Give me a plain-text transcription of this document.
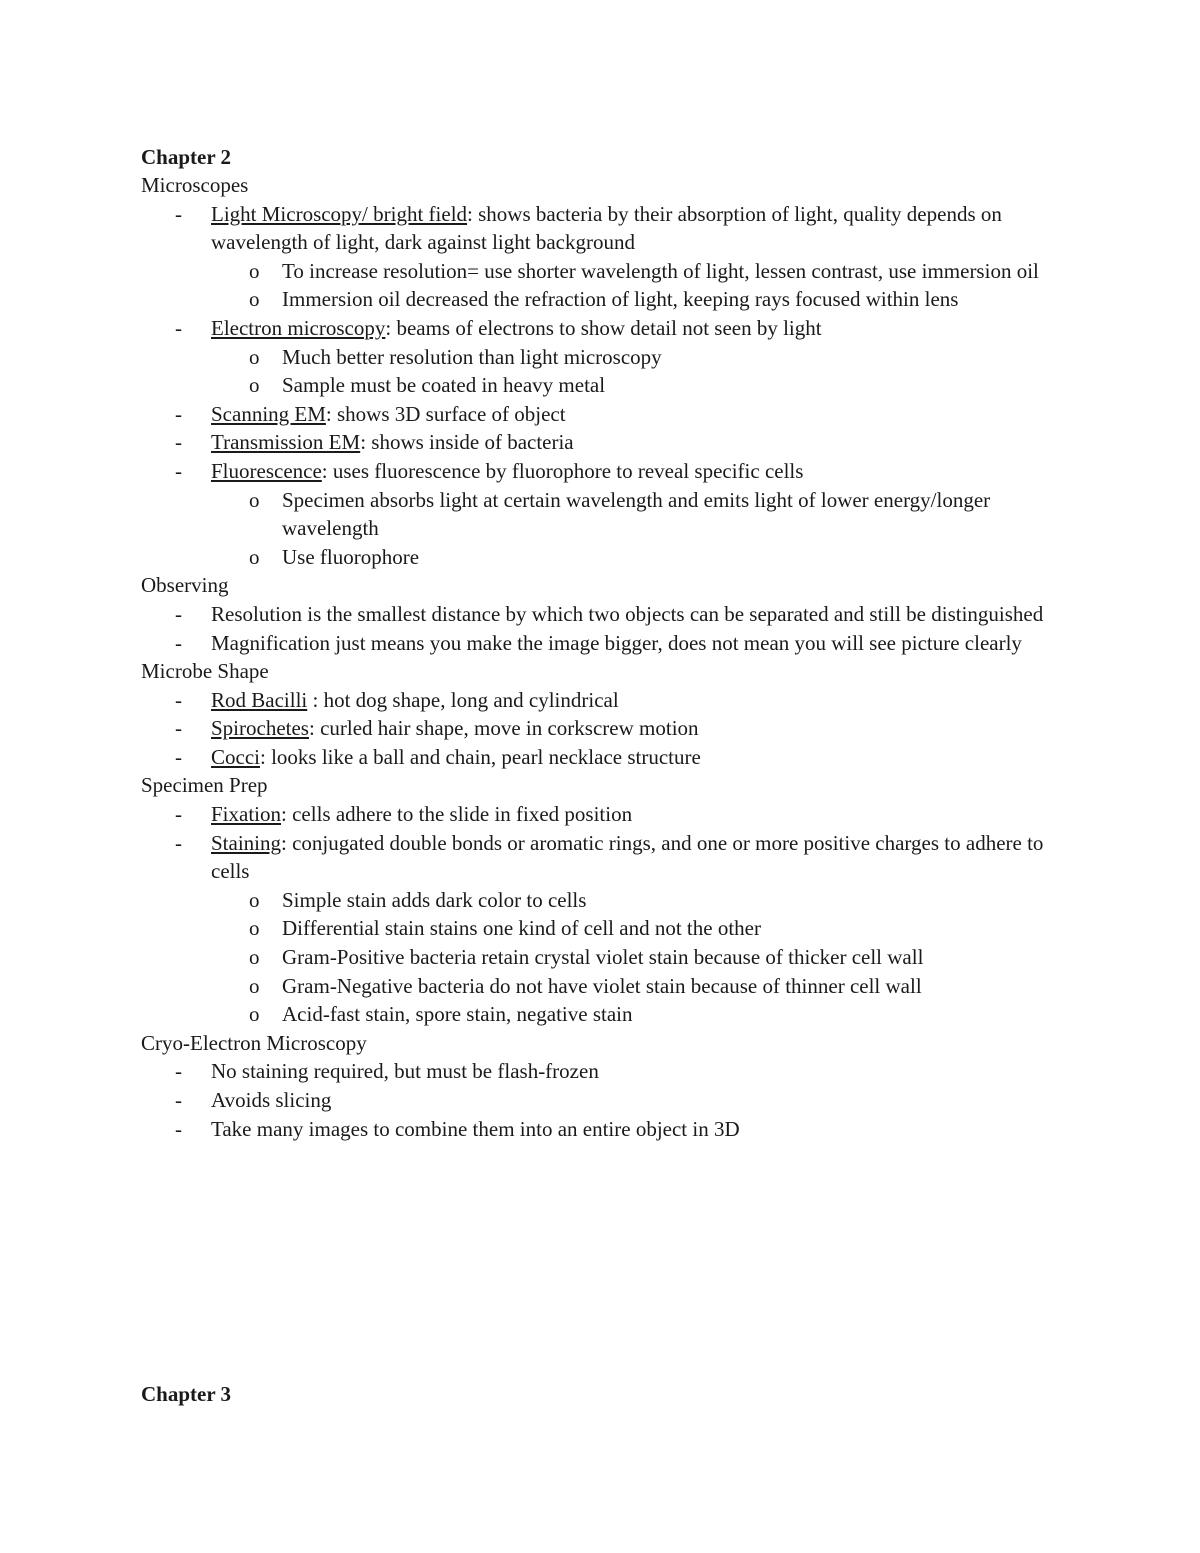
Chapter 2
Microscopes
- Light Microscopy/ bright field: shows bacteria by their absorption of light, quality depends on wavelength of light, dark against light background
o To increase resolution= use shorter wavelength of light, lessen contrast, use immersion oil
o Immersion oil decreased the refraction of light, keeping rays focused within lens
- Electron microscopy: beams of electrons to show detail not seen by light
o Much better resolution than light microscopy
o Sample must be coated in heavy metal
- Scanning EM: shows 3D surface of object
- Transmission EM: shows inside of bacteria
- Fluorescence: uses fluorescence by fluorophore to reveal specific cells
o Specimen absorbs light at certain wavelength and emits light of lower energy/longer wavelength
o Use fluorophore
Observing
- Resolution is the smallest distance by which two objects can be separated and still be distinguished
- Magnification just means you make the image bigger, does not mean you will see picture clearly
Microbe Shape
- Rod Bacilli : hot dog shape, long and cylindrical
- Spirochetes: curled hair shape, move in corkscrew motion
- Cocci: looks like a ball and chain, pearl necklace structure
Specimen Prep
- Fixation: cells adhere to the slide in fixed position
- Staining: conjugated double bonds or aromatic rings, and one or more positive charges to adhere to cells
o Simple stain adds dark color to cells
o Differential stain stains one kind of cell and not the other
o Gram-Positive bacteria retain crystal violet stain because of thicker cell wall
o Gram-Negative bacteria do not have violet stain because of thinner cell wall
o Acid-fast stain, spore stain, negative stain
Cryo-Electron Microscopy
- No staining required, but must be flash-frozen
- Avoids slicing
- Take many images to combine them into an entire object in 3D
Chapter 3
